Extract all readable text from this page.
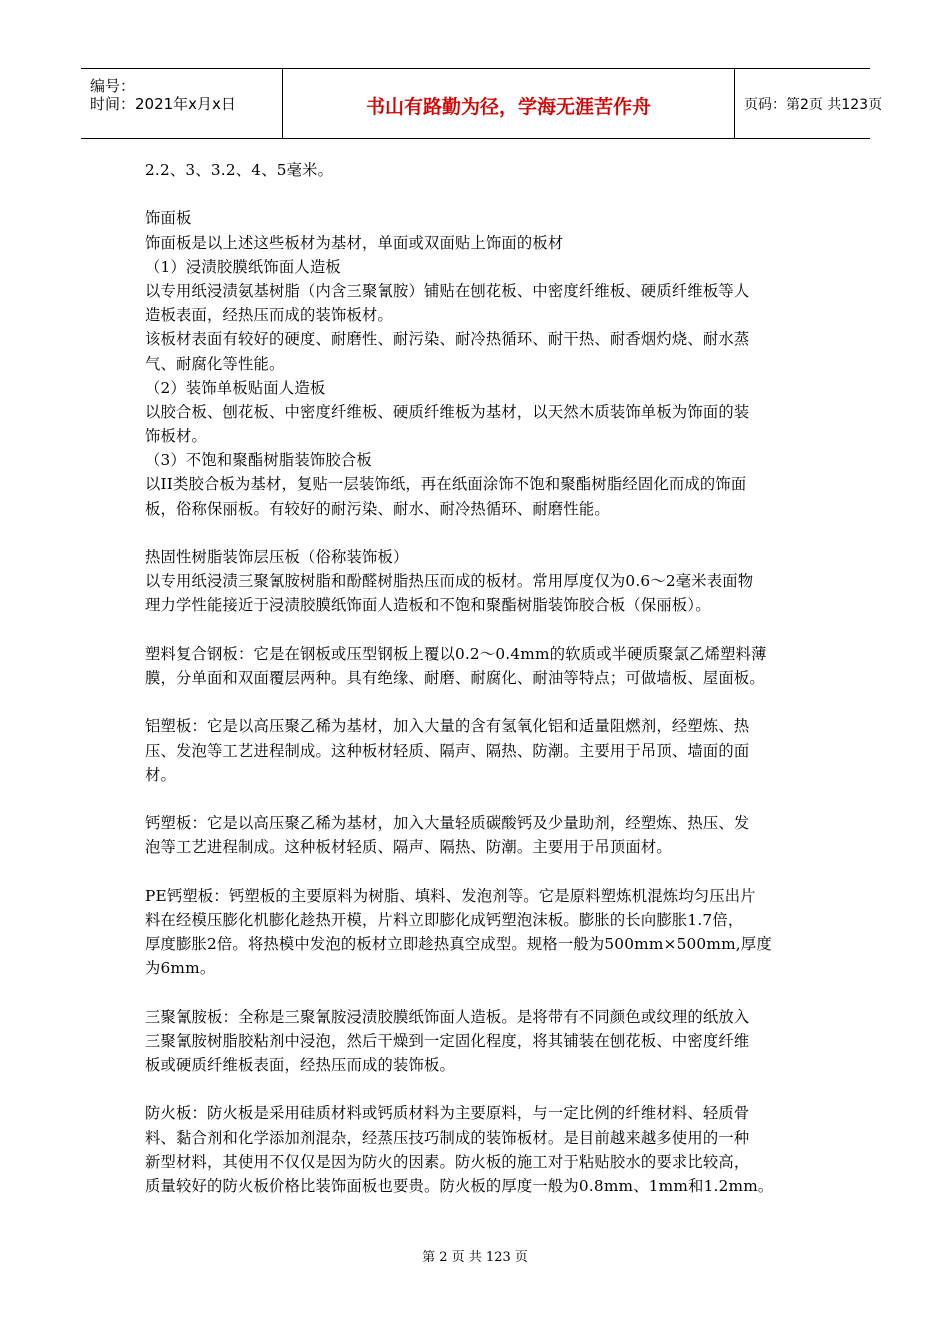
编号：
时间：2021年x月x日	书山有路勤为径，学海无涯苦作舟	页码：第2页 共123页
2.2、3、3.2、4、5毫米。
饰面板
饰面板是以上述这些板材为基材，单面或双面贴上饰面的板材
（1）浸渍胶膜纸饰面人造板
以专用纸浸渍氨基树脂（内含三聚氰胺）铺贴在刨花板、中密度纤维板、硬质纤维板等人
造板表面，经热压而成的装饰板材。
该板材表面有较好的硬度、耐磨性、耐污染、耐冷热循环、耐干热、耐香烟灼烧、耐水蒸
气、耐腐化等性能。
（2）装饰单板贴面人造板
以胶合板、刨花板、中密度纤维板、硬质纤维板为基材，以天然木质装饰单板为饰面的装
饰板材。
（3）不饱和聚酯树脂装饰胶合板
以II类胶合板为基材，复贴一层装饰纸，再在纸面涂饰不饱和聚酯树脂经固化而成的饰面
板，俗称保丽板。有较好的耐污染、耐水、耐冷热循环、耐磨性能。
热固性树脂装饰层压板（俗称装饰板）
以专用纸浸渍三聚氰胺树脂和酚醛树脂热压而成的板材。常用厚度仅为0.6～2毫米表面物
理力学性能接近于浸渍胶膜纸饰面人造板和不饱和聚酯树脂装饰胶合板（保丽板）。
塑料复合钢板：它是在钢板或压型钢板上覆以0.2～0.4mm的软质或半硬质聚氯乙烯塑料薄
膜，分单面和双面覆层两种。具有绝缘、耐磨、耐腐化、耐油等特点；可做墙板、屋面板。
铝塑板：它是以高压聚乙稀为基材，加入大量的含有氢氧化铝和适量阻燃剂，经塑炼、热
压、发泡等工艺进程制成。这种板材轻质、隔声、隔热、防潮。主要用于吊顶、墙面的面
材。
钙塑板：它是以高压聚乙稀为基材，加入大量轻质碳酸钙及少量助剂，经塑炼、热压、发
泡等工艺进程制成。这种板材轻质、隔声、隔热、防潮。主要用于吊顶面材。
PE钙塑板：钙塑板的主要原料为树脂、填料、发泡剂等。它是原料塑炼机混炼均匀压出片
料在经模压膨化机膨化趁热开模，片料立即膨化成钙塑泡沫板。膨胀的长向膨胀1.7倍，
厚度膨胀2倍。将热模中发泡的板材立即趁热真空成型。规格一般为500mm×500mm,厚度
为6mm。
三聚氰胺板：全称是三聚氰胺浸渍胶膜纸饰面人造板。是将带有不同颜色或纹理的纸放入
三聚氰胺树脂胶粘剂中浸泡，然后干燥到一定固化程度，将其铺装在刨花板、中密度纤维
板或硬质纤维板表面，经热压而成的装饰板。
防火板：防火板是采用硅质材料或钙质材料为主要原料，与一定比例的纤维材料、轻质骨
料、黏合剂和化学添加剂混杂，经蒸压技巧制成的装饰板材。是目前越来越多使用的一种
新型材料，其使用不仅仅是因为防火的因素。防火板的施工对于粘贴胶水的要求比较高，
质量较好的防火板价格比装饰面板也要贵。防火板的厚度一般为0.8mm、1mm和1.2mm。
第 2 页 共 123 页
